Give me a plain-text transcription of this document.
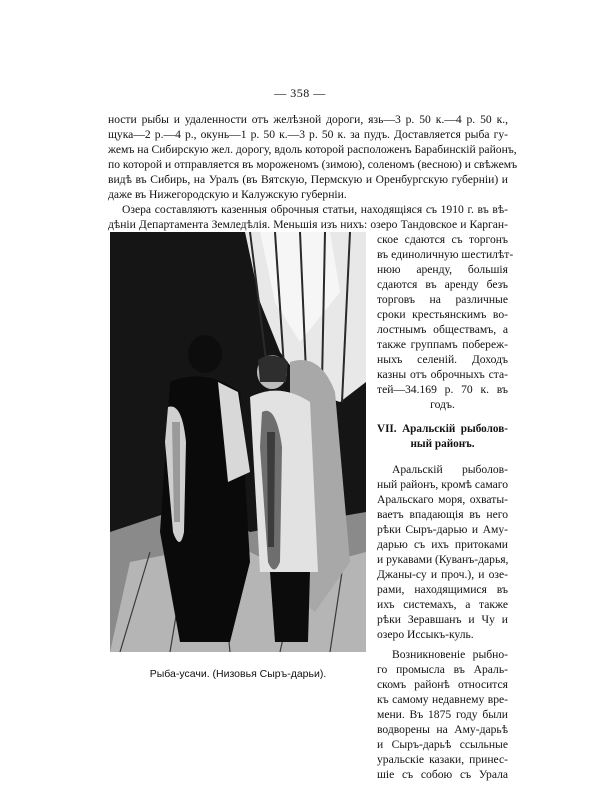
— 358 —
ности рыбы и удаленности отъ желѣзной дороги, язь—3 р. 50 к.—4 р. 50 к.,
щука—2 р.—4 р., окунь—1 р. 50 к.—3 р. 50 к. за пудъ. Доставляется рыба гу-
жемъ на Сибирскую жел. дорогу, вдоль которой расположенъ Барабинскій районъ,
по которой и отправляется въ мороженомъ (зимою), соленомъ (весною) и свѣжемъ
видѣ въ Сибирь, на Уралъ (въ Вятскую, Пермскую и Оренбургскую губерніи) и
даже въ Нижегородскую и Калужскую губерніи.
Озера составляютъ казенныя оброчныя статьи, находящіяся съ 1910 г. въ вѣ-
дѣніи Департамента Земледѣлія. Меньшія изъ нихъ: озеро Тандовское и Карган-
Рыба-усачи. (Низовья Сыръ-дарьи).
ское сдаются съ торгонъ
въ единоличную шестилѣт-
нюю аренду, большія
сдаются въ аренду безъ
торговъ на различные
сроки крестьянскимъ во-
лостнымъ обществамъ, а
также группамъ побереж-
ныхъ селеній. Доходъ
казны отъ оброчныхъ ста-
тей—34.169 р. 70 к. въ
годъ.
VII. Аральскій рыболов-
ный районъ.
Аральскій рыболов-
ный районъ, кромѣ самаго
Аральскаго моря, охваты-
ваетъ впадающія въ него
рѣки Сыръ-дарью и Аму-
дарью съ ихъ притоками
и рукавами (Куванъ-дарья,
Джаны-су и проч.), и озе-
рами, находящимися въ
ихъ системахъ, а также
рѣки Зеравшанъ и Чу и
озеро Иссыкъ-куль.
Возникновеніе рыбно-
го промысла въ Араль-
скомъ районѣ относится
къ самому недавнему вре-
мени. Въ 1875 году были
водворены на Аму-дарьѣ
и Сыръ-дарьѣ ссыльные
уральскіе казаки, принес-
шіе съ собою съ Урала
